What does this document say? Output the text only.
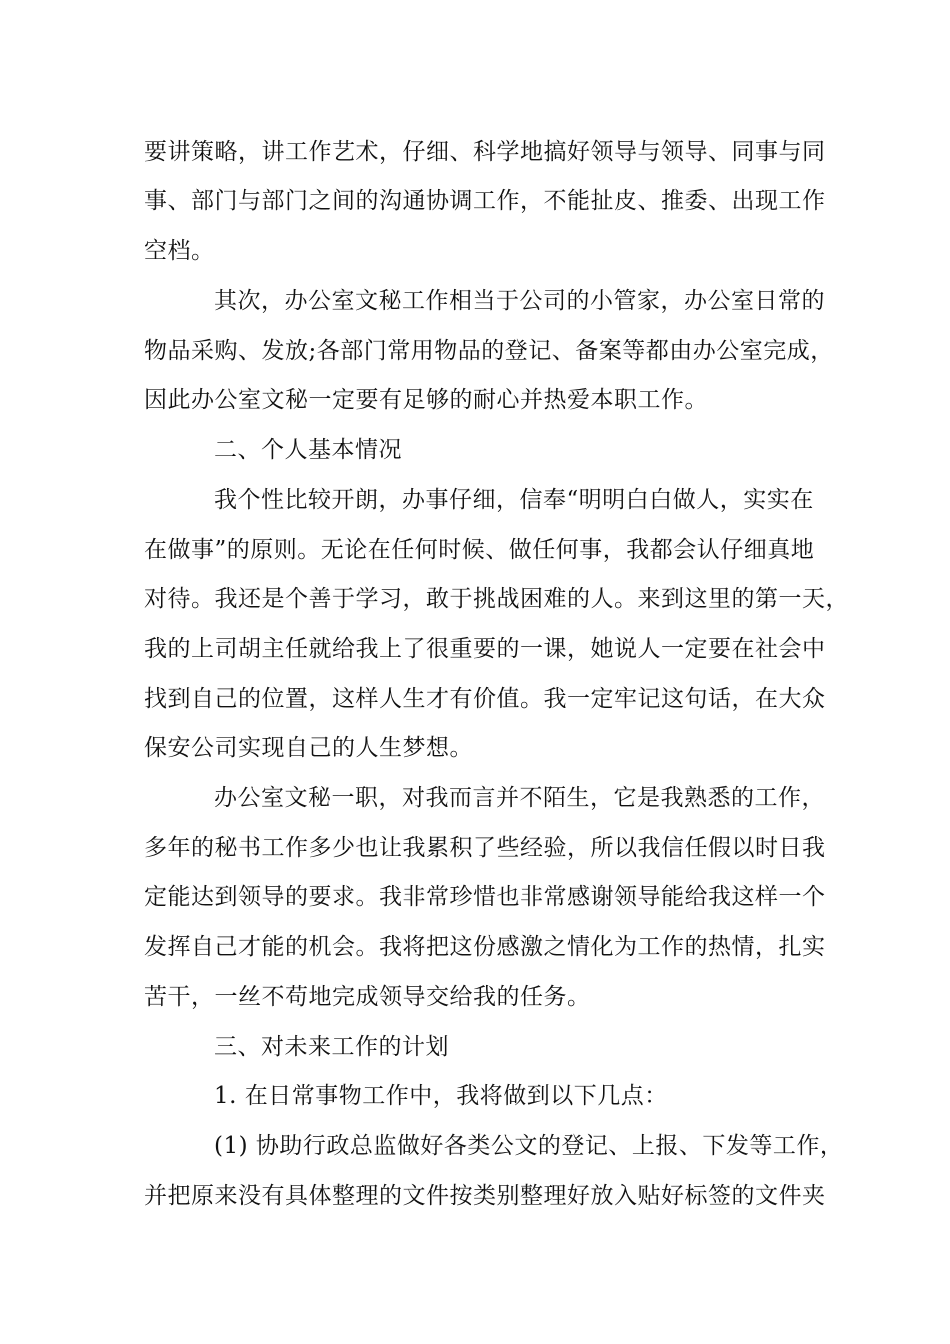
要讲策略，讲工作艺术，仔细、科学地搞好领导与领导、同事与同
事、部门与部门之间的沟通协调工作，不能扯皮、推委、出现工作
空档。
其次，办公室文秘工作相当于公司的小管家，办公室日常的
物品采购、发放;各部门常用物品的登记、备案等都由办公室完成，
因此办公室文秘一定要有足够的耐心并热爱本职工作。
二、个人基本情况
我个性比较开朗，办事仔细，信奉“明明白白做人，实实在
在做事”的原则。无论在任何时候、做任何事，我都会认仔细真地
对待。我还是个善于学习，敢于挑战困难的人。来到这里的第一天，
我的上司胡主任就给我上了很重要的一课，她说人一定要在社会中
找到自己的位置，这样人生才有价值。我一定牢记这句话，在大众
保安公司实现自己的人生梦想。
办公室文秘一职，对我而言并不陌生，它是我熟悉的工作，
多年的秘书工作多少也让我累积了些经验，所以我信任假以时日我
定能达到领导的要求。我非常珍惜也非常感谢领导能给我这样一个
发挥自己才能的机会。我将把这份感激之情化为工作的热情，扎实
苦干，一丝不苟地完成领导交给我的任务。
三、对未来工作的计划
1. 在日常事物工作中，我将做到以下几点：
(1) 协助行政总监做好各类公文的登记、上报、下发等工作，
并把原来没有具体整理的文件按类别整理好放入贴好标签的文件夹
